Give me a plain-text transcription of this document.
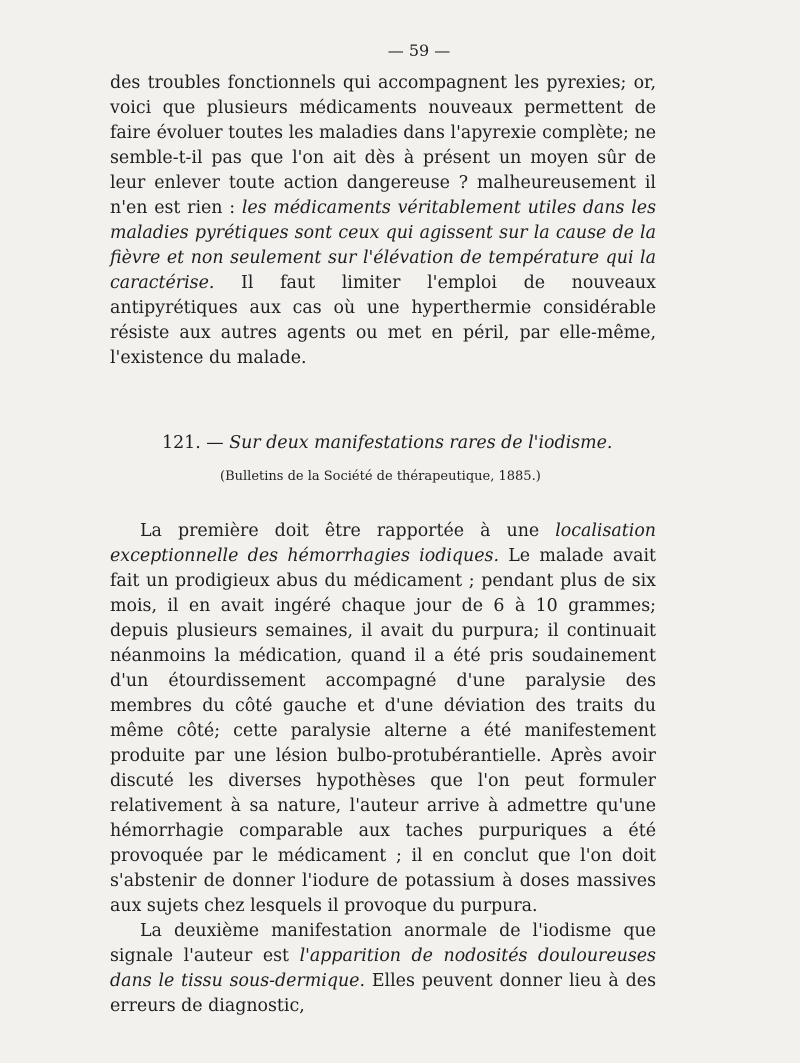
— 59 —

des troubles fonctionnels qui accompagnent les pyrexies; or, voici que plusieurs médicaments nouveaux permettent de faire évoluer toutes les maladies dans l'apyrexie complète; ne semble-t-il pas que l'on ait dès à présent un moyen sûr de leur enlever toute action dangereuse ? malheureusement il n'en est rien : les médicaments véritablement utiles dans les maladies pyrétiques sont ceux qui agissent sur la cause de la fièvre et non seulement sur l'élévation de température qui la caractérise. Il faut limiter l'emploi de nouveaux antipyrétiques aux cas où une hyperthermie considérable résiste aux autres agents ou met en péril, par elle-même, l'existence du malade.

121. — Sur deux manifestations rares de l'iodisme.
(Bulletins de la Société de thérapeutique, 1885.)

La première doit être rapportée à une localisation exceptionnelle des hémorrhagies iodiques. Le malade avait fait un prodigieux abus du médicament ; pendant plus de six mois, il en avait ingéré chaque jour de 6 à 10 grammes; depuis plusieurs semaines, il avait du purpura; il continuait néanmoins la médication, quand il a été pris soudainement d'un étourdissement accompagné d'une paralysie des membres du côté gauche et d'une déviation des traits du même côté; cette paralysie alterne a été manifestement produite par une lésion bulbo-protubérantielle. Après avoir discuté les diverses hypothèses que l'on peut formuler relativement à sa nature, l'auteur arrive à admettre qu'une hémorrhagie comparable aux taches purpuriques a été provoquée par le médicament ; il en conclut que l'on doit s'abstenir de donner l'iodure de potassium à doses massives aux sujets chez lesquels il provoque du purpura.

La deuxième manifestation anormale de l'iodisme que signale l'auteur est l'apparition de nodosités douloureuses dans le tissu sous-dermique. Elles peuvent donner lieu à des erreurs de diagnostic,
